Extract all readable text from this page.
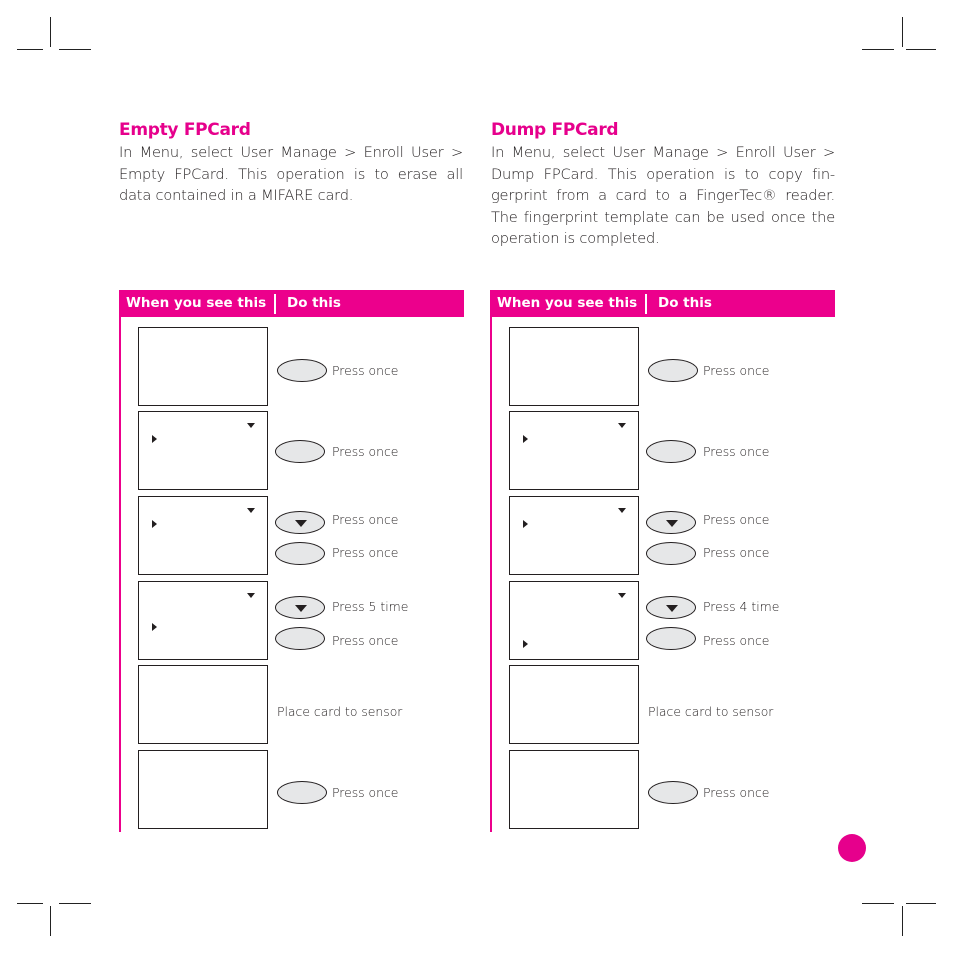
Empty FPCard
In Menu, select User Manage > Enroll User > Empty FPCard. This operation is to erase all data contained in a MIFARE card.
Dump FPCard
In Menu, select User Manage > Enroll User > Dump FPCard. This operation is to copy fin-gerprint from a card to a FingerTec® reader. The fingerprint template can be used once the operation is completed.
When you see this Do this
Press once
Press once
Press once
Press once
Press 5 time
Press once
Place card to sensor
Press once
When you see this Do this
Press once
Press once
Press once
Press once
Press 4 time
Press once
Place card to sensor
Press once
